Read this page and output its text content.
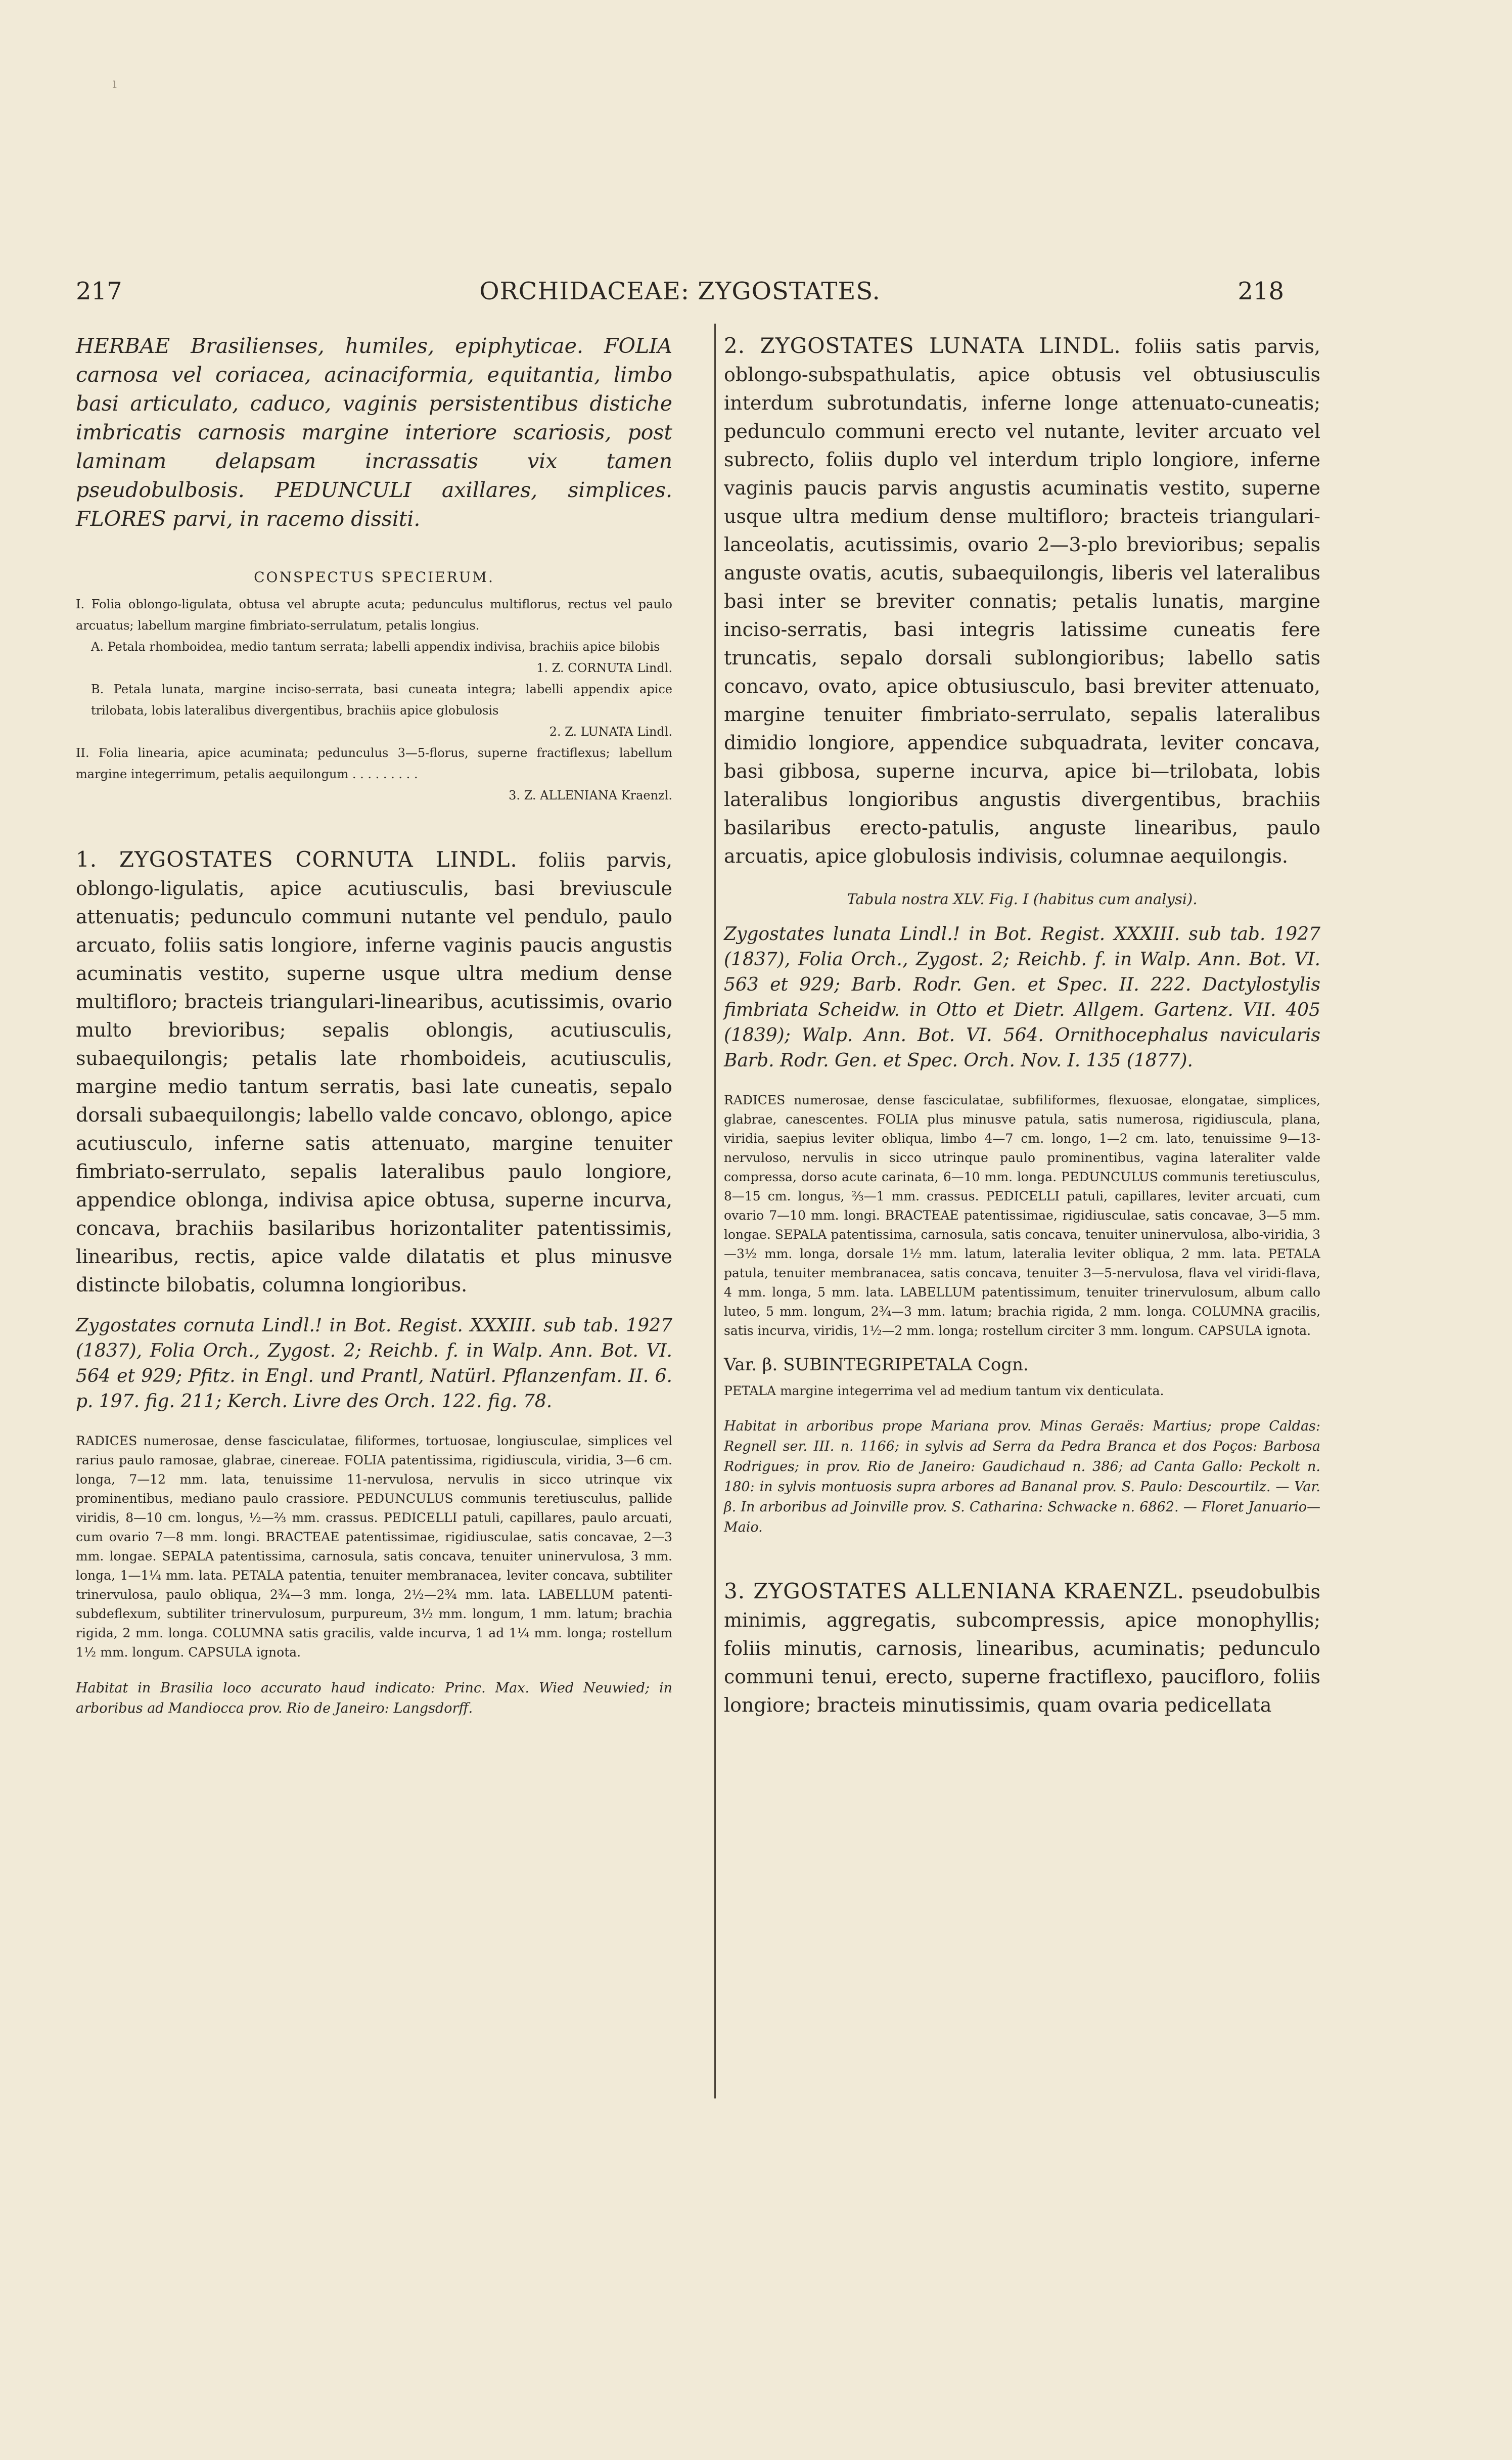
ı
217	ORCHIDACEAE: ZYGOSTATES.	218

HERBAE Brasilienses, humiles, epiphyticae. FOLIA carnosa vel coriacea, acinaciformia, equitantia, limbo basi articulato, caduco, vaginis persistentibus distiche imbricatis carnosis margine interiore scariosis, post laminam delapsam incrassatis vix tamen pseudobulbosis. PEDUNCULI axillares, simplices. FLORES parvi, in racemo dissiti.

CONSPECTUS SPECIERUM.

I. Folia oblongo-ligulata, obtusa vel abrupte acuta; pedunculus multiflorus, rectus vel paulo arcuatus; labellum margine fimbriato-serrulatum, petalis longius.
A. Petala rhomboidea, medio tantum serrata; labelli appendix indivisa, brachiis apice bilobis
1. Z. CORNUTA Lindl.
B. Petala lunata, margine inciso-serrata, basi cuneata integra; labelli appendix apice trilobata, lobis lateralibus divergentibus, brachiis apice globulosis
2. Z. LUNATA Lindl.
II. Folia linearia, apice acuminata; pedunculus 3—5-florus, superne fractiflexus; labellum margine integerrimum, petalis aequilongum . . . . . . . . .
3. Z. ALLENIANA Kraenzl.

1. ZYGOSTATES CORNUTA LINDL. foliis parvis, oblongo-ligulatis, apice acutiusculis, basi breviuscule attenuatis; pedunculo communi nutante vel pendulo, paulo arcuato, foliis satis longiore, inferne vaginis paucis angustis acuminatis vestito, superne usque ultra medium dense multifloro; bracteis triangulari-linearibus, acutissimis, ovario multo brevioribus; sepalis oblongis, acutiusculis, subaequilongis; petalis late rhomboideis, acutiusculis, margine medio tantum serratis, basi late cuneatis, sepalo dorsali subaequilongis; labello valde concavo, oblongo, apice acutiusculo, inferne satis attenuato, margine tenuiter fimbriato-serrulato, sepalis lateralibus paulo longiore, appendice oblonga, indivisa apice obtusa, superne incurva, concava, brachiis basilaribus horizontaliter patentissimis, linearibus, rectis, apice valde dilatatis et plus minusve distincte bilobatis, columna longioribus.

Zygostates cornuta Lindl.! in Bot. Regist. XXXIII. sub tab. 1927 (1837), Folia Orch., Zygost. 2; Reichb. f. in Walp. Ann. Bot. VI. 564 et 929; Pfitz. in Engl. und Prantl, Natürl. Pflanzenfam. II. 6. p. 197. fig. 211; Kerch. Livre des Orch. 122. fig. 78.

RADICES numerosae, dense fasciculatae, filiformes, tortuosae, longiusculae, simplices vel rarius paulo ramosae, glabrae, cinereae. FOLIA patentissima, rigidiuscula, viridia, 3—6 cm. longa, 7—12 mm. lata, tenuissime 11-nervulosa, nervulis in sicco utrinque vix prominentibus, mediano paulo crassiore. PEDUNCULUS communis teretiusculus, pallide viridis, 8—10 cm. longus, ½—⅔ mm. crassus. PEDICELLI patuli, capillares, paulo arcuati, cum ovario 7—8 mm. longi. BRACTEAE patentissimae, rigidiusculae, satis concavae, 2—3 mm. longae. SEPALA patentissima, carnosula, satis concava, tenuiter uninervulosa, 3 mm. longa, 1—1¼ mm. lata. PETALA patentia, tenuiter membranacea, leviter concava, subtiliter trinervulosa, paulo obliqua, 2¾—3 mm. longa, 2½—2¾ mm. lata. LABELLUM patenti-subdeflexum, subtiliter trinervulosum, purpureum, 3½ mm. longum, 1 mm. latum; brachia rigida, 2 mm. longa. COLUMNA satis gracilis, valde incurva, 1 ad 1¼ mm. longa; rostellum 1½ mm. longum. CAPSULA ignota.

Habitat in Brasilia loco accurato haud indicato: Princ. Max. Wied Neuwied; in arboribus ad Mandiocca prov. Rio de Janeiro: Langsdorff.

2. ZYGOSTATES LUNATA LINDL. foliis satis parvis, oblongo-subspathulatis, apice obtusis vel obtusiusculis interdum subrotundatis, inferne longe attenuato-cuneatis; pedunculo communi erecto vel nutante, leviter arcuato vel subrecto, foliis duplo vel interdum triplo longiore, inferne vaginis paucis parvis angustis acuminatis vestito, superne usque ultra medium dense multifloro; bracteis triangulari-lanceolatis, acutissimis, ovario 2—3-plo brevioribus; sepalis anguste ovatis, acutis, subaequilongis, liberis vel lateralibus basi inter se breviter connatis; petalis lunatis, margine inciso-serratis, basi integris latissime cuneatis fere truncatis, sepalo dorsali sublongioribus; labello satis concavo, ovato, apice obtusiusculo, basi breviter attenuato, margine tenuiter fimbriato-serrulato, sepalis lateralibus dimidio longiore, appendice subquadrata, leviter concava, basi gibbosa, superne incurva, apice bi—trilobata, lobis lateralibus longioribus angustis divergentibus, brachiis basilaribus erecto-patulis, anguste linearibus, paulo arcuatis, apice globulosis indivisis, columnae aequilongis.

Tabula nostra XLV. Fig. I (habitus cum analysi).

Zygostates lunata Lindl.! in Bot. Regist. XXXIII. sub tab. 1927 (1837), Folia Orch., Zygost. 2; Reichb. f. in Walp. Ann. Bot. VI. 563 et 929; Barb. Rodr. Gen. et Spec. II. 222. Dactylostylis fimbriata Scheidw. in Otto et Dietr. Allgem. Gartenz. VII. 405 (1839); Walp. Ann. Bot. VI. 564. Ornithocephalus navicularis Barb. Rodr. Gen. et Spec. Orch. Nov. I. 135 (1877).

RADICES numerosae, dense fasciculatae, subfiliformes, flexuosae, elongatae, simplices, glabrae, canescentes. FOLIA plus minusve patula, satis numerosa, rigidiuscula, plana, viridia, saepius leviter obliqua, limbo 4—7 cm. longo, 1—2 cm. lato, tenuissime 9—13-nervuloso, nervulis in sicco utrinque paulo prominentibus, vagina lateraliter valde compressa, dorso acute carinata, 6—10 mm. longa. PEDUNCULUS communis teretiusculus, 8—15 cm. longus, ⅔—1 mm. crassus. PEDICELLI patuli, capillares, leviter arcuati, cum ovario 7—10 mm. longi. BRACTEAE patentissimae, rigidiusculae, satis concavae, 3—5 mm. longae. SEPALA patentissima, carnosula, satis concava, tenuiter uninervulosa, albo-viridia, 3—3½ mm. longa, dorsale 1½ mm. latum, lateralia leviter obliqua, 2 mm. lata. PETALA patula, tenuiter membranacea, satis concava, tenuiter 3—5-nervulosa, flava vel viridi-flava, 4 mm. longa, 5 mm. lata. LABELLUM patentissimum, tenuiter trinervulosum, album callo luteo, 5 mm. longum, 2¾—3 mm. latum; brachia rigida, 2 mm. longa. COLUMNA gracilis, satis incurva, viridis, 1½—2 mm. longa; rostellum circiter 3 mm. longum. CAPSULA ignota.

Var. β. SUBINTEGRIPETALA Cogn.

PETALA margine integerrima vel ad medium tantum vix denticulata.

Habitat in arboribus prope Mariana prov. Minas Geraës: Martius; prope Caldas: Regnell ser. III. n. 1166; in sylvis ad Serra da Pedra Branca et dos Poços: Barbosa Rodrigues; in prov. Rio de Janeiro: Gaudichaud n. 386; ad Canta Gallo: Peckolt n. 180: in sylvis montuosis supra arbores ad Bananal prov. S. Paulo: Descourtilz. — Var. β. In arboribus ad Joinville prov. S. Catharina: Schwacke n. 6862. — Floret Januario—Maio.

3. ZYGOSTATES ALLENIANA KRAENZL. pseudobulbis minimis, aggregatis, subcompressis, apice monophyllis; foliis minutis, carnosis, linearibus, acuminatis; pedunculo communi tenui, erecto, superne fractiflexo, paucifloro, foliis longiore; bracteis minutissimis, quam ovaria pedicellata
